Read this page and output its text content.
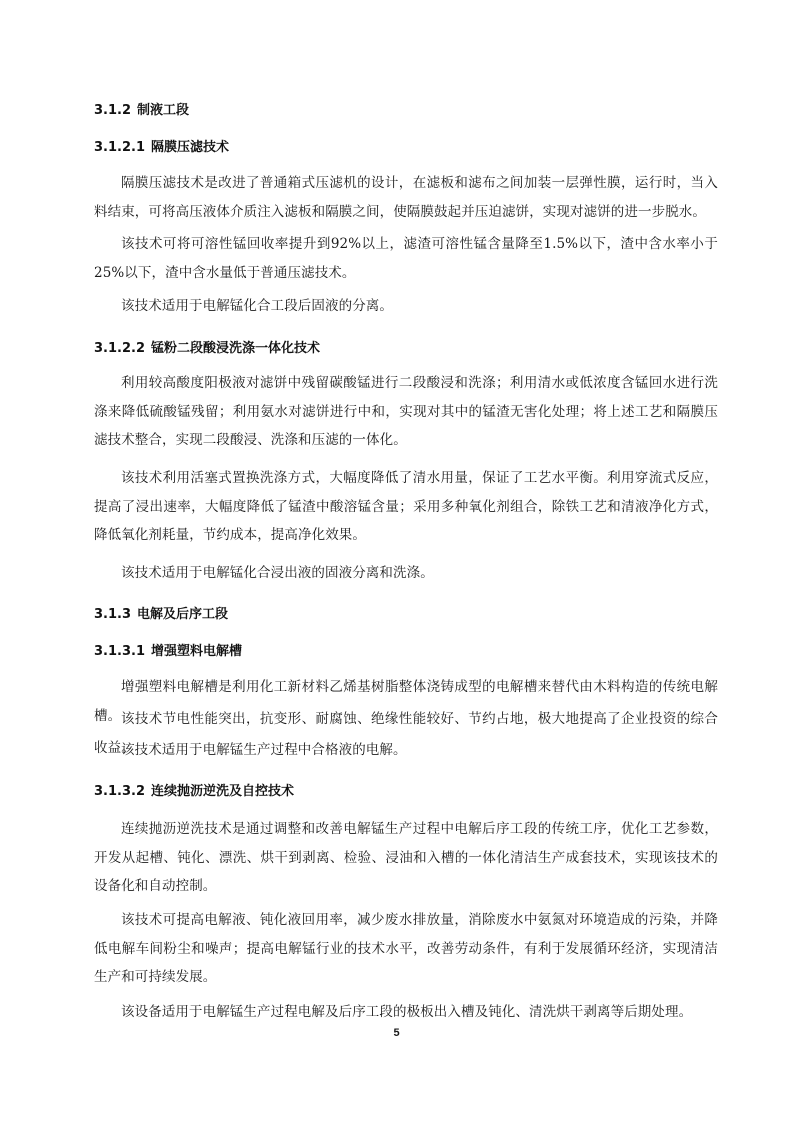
3.1.2 制液工段
3.1.2.1 隔膜压滤技术
隔膜压滤技术是改进了普通箱式压滤机的设计，在滤板和滤布之间加装一层弹性膜，运行时，当入料结束，可将高压液体介质注入滤板和隔膜之间，使隔膜鼓起并压迫滤饼，实现对滤饼的进一步脱水。
该技术可将可溶性锰回收率提升到92%以上，滤渣可溶性锰含量降至1.5%以下，渣中含水率小于25%以下，渣中含水量低于普通压滤技术。
该技术适用于电解锰化合工段后固液的分离。
3.1.2.2 锰粉二段酸浸洗涤一体化技术
利用较高酸度阳极液对滤饼中残留碳酸锰进行二段酸浸和洗涤；利用清水或低浓度含锰回水进行洗涤来降低硫酸锰残留；利用氨水对滤饼进行中和，实现对其中的锰渣无害化处理；将上述工艺和隔膜压滤技术整合，实现二段酸浸、洗涤和压滤的一体化。
该技术利用活塞式置换洗涤方式，大幅度降低了清水用量，保证了工艺水平衡。利用穿流式反应，提高了浸出速率，大幅度降低了锰渣中酸溶锰含量；采用多种氧化剂组合，除铁工艺和清液净化方式，降低氧化剂耗量，节约成本，提高净化效果。
该技术适用于电解锰化合浸出液的固液分离和洗涤。
3.1.3 电解及后序工段
3.1.3.1 增强塑料电解槽
增强塑料电解槽是利用化工新材料乙烯基树脂整体浇铸成型的电解槽来替代由木料构造的传统电解槽。 该技术节电性能突出，抗变形、耐腐蚀、绝缘性能较好、节约占地，极大地提高了企业投资的综合收益。
该技术适用于电解锰生产过程中合格液的电解。
3.1.3.2 连续抛沥逆洗及自控技术
连续抛沥逆洗技术是通过调整和改善电解锰生产过程中电解后序工段的传统工序，优化工艺参数，开发从起槽、钝化、漂洗、烘干到剥离、检验、浸油和入槽的一体化清洁生产成套技术，实现该技术的设备化和自动控制。
该技术可提高电解液、钝化液回用率，减少废水排放量，消除废水中氨氮对环境造成的污染，并降低电解车间粉尘和噪声；提高电解锰行业的技术水平，改善劳动条件，有利于发展循环经济，实现清洁生产和可持续发展。
该设备适用于电解锰生产过程电解及后序工段的极板出入槽及钝化、清洗烘干剥离等后期处理。
5
